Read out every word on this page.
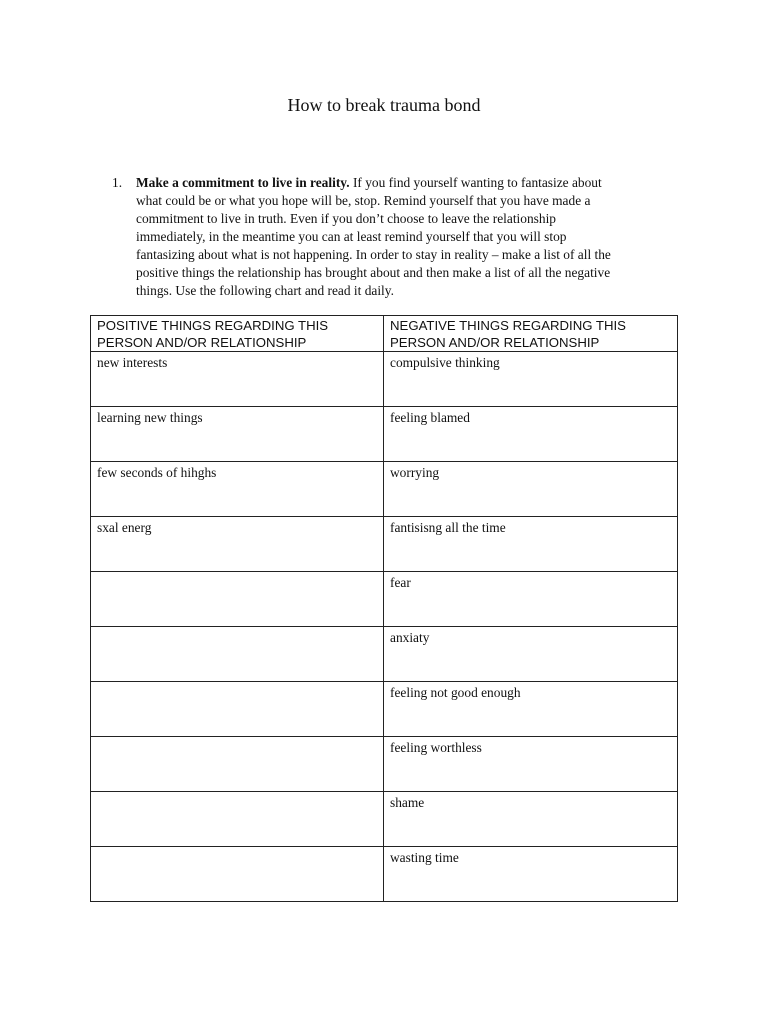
How to break trauma bond
1. Make a commitment to live in reality. If you find yourself wanting to fantasize about
what could be or what you hope will be, stop. Remind yourself that you have made a
commitment to live in truth. Even if you don’t choose to leave the relationship
immediately, in the meantime you can at least remind yourself that you will stop
fantasizing about what is not happening. In order to stay in reality – make a list of all the
positive things the relationship has brought about and then make a list of all the negative
things. Use the following chart and read it daily.
POSITIVE THINGS REGARDING THIS PERSON AND/OR RELATIONSHIP	NEGATIVE THINGS REGARDING THIS PERSON AND/OR RELATIONSHIP
new interests	compulsive thinking
learning new things	feeling blamed
few seconds of hihghs	worrying
sxal energ	fantisisng all the time
	fear
	anxiaty
	feeling not good enough
	feeling worthless
	shame
	wasting time
